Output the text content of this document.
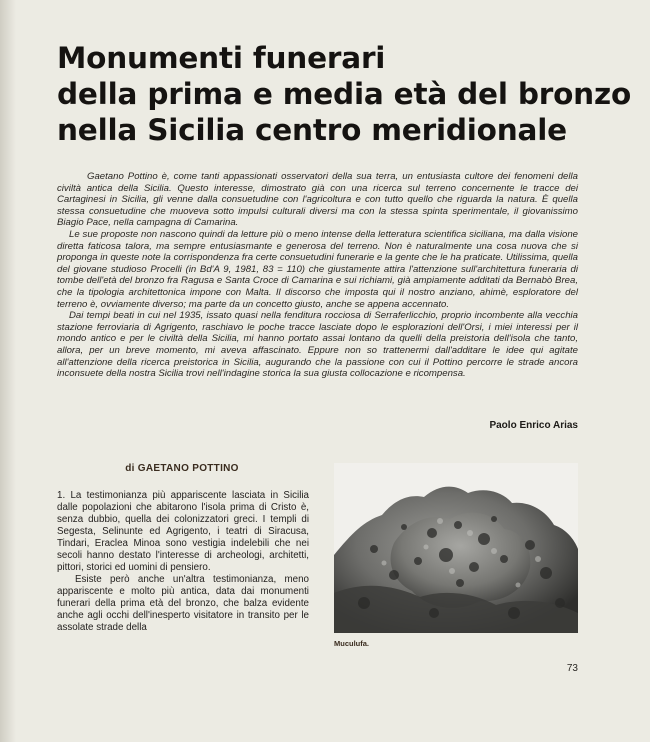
Monumenti funerari
della prima e media età del bronzo
nella Sicilia centro meridionale

Gaetano Pottino è, come tanti appassionati osservatori della sua terra, un entusiasta cultore dei fenomeni della civiltà antica della Sicilia. Questo interesse, dimostrato già con una ricerca sul terreno concernente le tracce dei Cartaginesi in Sicilia, gli venne dalla consuetudine con l'agricoltura e con tutto quello che riguarda la natura. È quella stessa consuetudine che muoveva sotto impulsi culturali diversi ma con la stessa spinta sperimentale, il giovanissimo Biagio Pace, nella campagna di Camarina.

Le sue proposte non nascono quindi da letture più o meno intense della letteratura scientifica siciliana, ma dalla visione diretta faticosa talora, ma sempre entusiasmante e generosa del terreno. Non è naturalmente una cosa nuova che si proponga in queste note la corrispondenza fra certe consuetudini funerarie e la gente che le ha praticate. Utilissima, quella del giovane studioso Procelli (in Bd'A 9, 1981, 83 = 110) che giustamente attira l'attenzione sull'architettura funeraria di tombe dell'età del bronzo fra Ragusa e Santa Croce di Camarina e sui richiami, già ampiamente additati da Bernabò Brea, che la tipologia architettonica impone con Malta. Il discorso che imposta qui il nostro anziano, ahimè, esploratore del terreno è, ovviamente diverso; ma parte da un concetto giusto, anche se appena accennato.

Dai tempi beati in cui nel 1935, issato quasi nella fenditura rocciosa di Serraferlicchio, proprio incombente alla vecchia stazione ferroviaria di Agrigento, raschiavo le poche tracce lasciate dopo le esplorazioni dell'Orsi, i miei interessi per il mondo antico e per le civiltà della Sicilia, mi hanno portato assai lontano da quelli della preistoria dell'isola che tanto, allora, per un breve momento, mi aveva affascinato. Eppure non so trattenermi dall'additare le idee qui agitate all'attenzione della ricerca preistorica in Sicilia, augurando che la passione con cui il Pottino percorre le strade ancora inconsuete della nostra Sicilia trovi nell'indagine storica la sua giusta collocazione e ricompensa.

Paolo Enrico Arias
di GAETANO POTTINO

1. La testimonianza più appariscente lasciata in Sicilia dalle popolazioni che abitarono l'isola prima di Cristo è, senza dubbio, quella dei colonizzatori greci. I templi di Segesta, Selinunte ed Agrigento, i teatri di Siracusa, Tindari, Eraclea Minoa sono vestigia indelebili che nei secoli hanno destato l'interesse di archeologi, architetti, pittori, storici ed uomini di pensiero.

Esiste però anche un'altra testimonianza, meno appariscente e molto più antica, data dai monumenti funerari della prima età del bronzo, che balza evidente anche agli occhi dell'inesperto visitatore in transito per le assolate strade della

Muculufa.
73
